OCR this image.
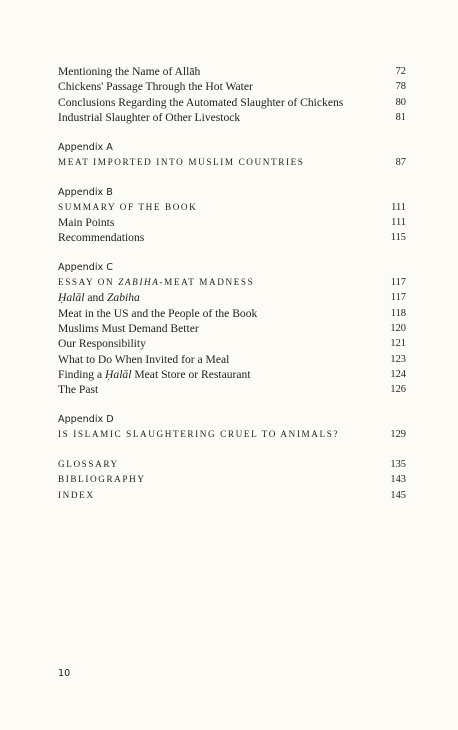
Mentioning the Name of Allāh	72
Chickens' Passage Through the Hot Water	78
Conclusions Regarding the Automated Slaughter of Chickens	80
Industrial Slaughter of Other Livestock	81
Appendix A
MEAT IMPORTED INTO MUSLIM COUNTRIES	87
Appendix B
SUMMARY OF THE BOOK	111
Main Points	111
Recommendations	115
Appendix C
ESSAY ON ZABIHA-MEAT MADNESS	117
Ḥalāl and Zabiha	117
Meat in the US and the People of the Book	118
Muslims Must Demand Better	120
Our Responsibility	121
What to Do When Invited for a Meal	123
Finding a Ḥalāl Meat Store or Restaurant	124
The Past	126
Appendix D
IS ISLAMIC SLAUGHTERING CRUEL TO ANIMALS?	129
GLOSSARY	135
BIBLIOGRAPHY	143
INDEX	145
10
